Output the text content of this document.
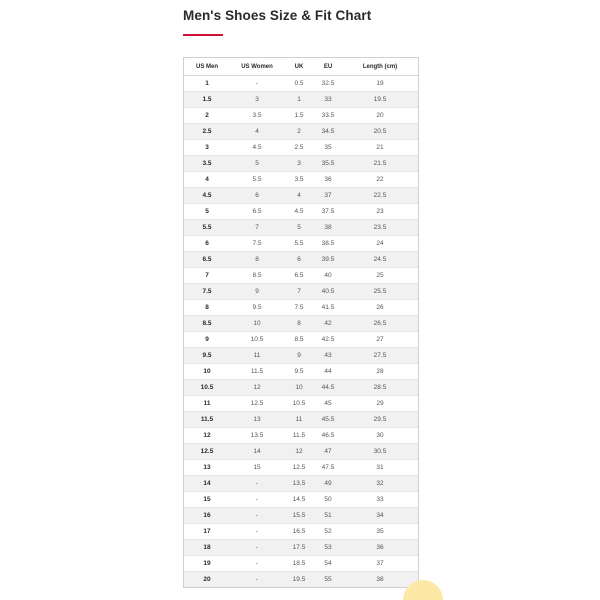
Men's Shoes Size & Fit Chart
US Men	US Women	UK	EU	Length (cm)
1	-	0.5	32.5	19
1.5	3	1	33	19.5
2	3.5	1.5	33.5	20
2.5	4	2	34.5	20.5
3	4.5	2.5	35	21
3.5	5	3	35.5	21.5
4	5.5	3.5	36	22
4.5	6	4	37	22.5
5	6.5	4.5	37.5	23
5.5	7	5	38	23.5
6	7.5	5.5	38.5	24
6.5	8	6	39.5	24.5
7	8.5	6.5	40	25
7.5	9	7	40.5	25.5
8	9.5	7.5	41.5	26
8.5	10	8	42	26.5
9	10.5	8.5	42.5	27
9.5	11	9	43	27.5
10	11.5	9.5	44	28
10.5	12	10	44.5	28.5
11	12.5	10.5	45	29
11.5	13	11	45.5	29.5
12	13.5	11.5	46.5	30
12.5	14	12	47	30.5
13	15	12.5	47.5	31
14	-	13.5	49	32
15	-	14.5	50	33
16	-	15.5	51	34
17	-	16.5	52	35
18	-	17.5	53	36
19	-	18.5	54	37
20	-	19.5	55	38
